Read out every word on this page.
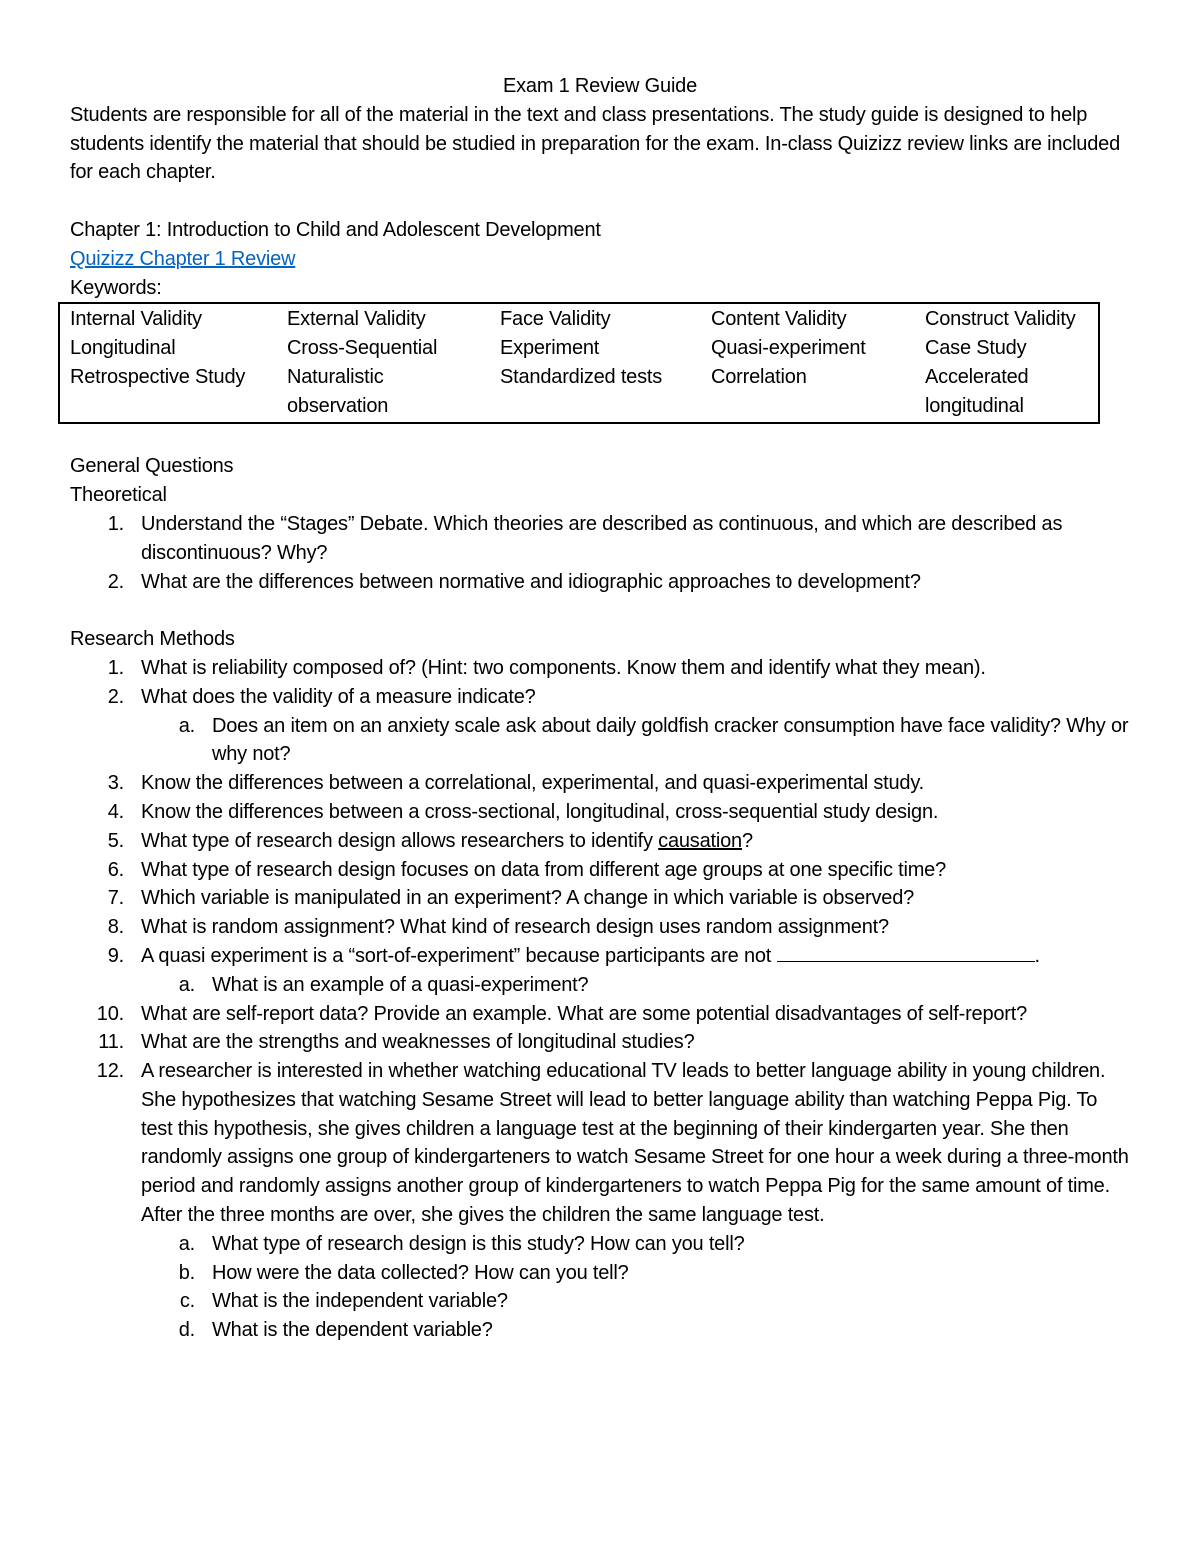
Exam 1 Review Guide

Students are responsible for all of the material in the text and class presentations. The study guide is designed to help students identify the material that should be studied in preparation for the exam. In-class Quizizz review links are included for each chapter.

Chapter 1: Introduction to Child and Adolescent Development

Quizizz Chapter 1 Review

Keywords:

Internal Validity	External Validity	Face Validity	Content Validity	Construct Validity
Longitudinal	Cross-Sequential	Experiment	Quasi-experiment	Case Study
Retrospective Study	Naturalistic observation	Standardized tests	Correlation	Accelerated longitudinal

General Questions

Theoretical

1. Understand the “Stages” Debate. Which theories are described as continuous, and which are described as discontinuous? Why?
2. What are the differences between normative and idiographic approaches to development?

Research Methods

1. What is reliability composed of? (Hint: two components. Know them and identify what they mean).
2. What does the validity of a measure indicate?
a. Does an item on an anxiety scale ask about daily goldfish cracker consumption have face validity? Why or why not?
3. Know the differences between a correlational, experimental, and quasi-experimental study.
4. Know the differences between a cross-sectional, longitudinal, cross-sequential study design.
5. What type of research design allows researchers to identify causation?
6. What type of research design focuses on data from different age groups at one specific time?
7. Which variable is manipulated in an experiment? A change in which variable is observed?
8. What is random assignment? What kind of research design uses random assignment?
9. A quasi experiment is a “sort-of-experiment” because participants are not	.
a. What is an example of a quasi-experiment?
10. What are self-report data? Provide an example. What are some potential disadvantages of self-report?
11. What are the strengths and weaknesses of longitudinal studies?
12. A researcher is interested in whether watching educational TV leads to better language ability in young children. She hypothesizes that watching Sesame Street will lead to better language ability than watching Peppa Pig. To test this hypothesis, she gives children a language test at the beginning of their kindergarten year. She then randomly assigns one group of kindergarteners to watch Sesame Street for one hour a week during a three-month period and randomly assigns another group of kindergarteners to watch Peppa Pig for the same amount of time. After the three months are over, she gives the children the same language test.
a. What type of research design is this study? How can you tell?
b. How were the data collected? How can you tell?
c. What is the independent variable?
d. What is the dependent variable?
